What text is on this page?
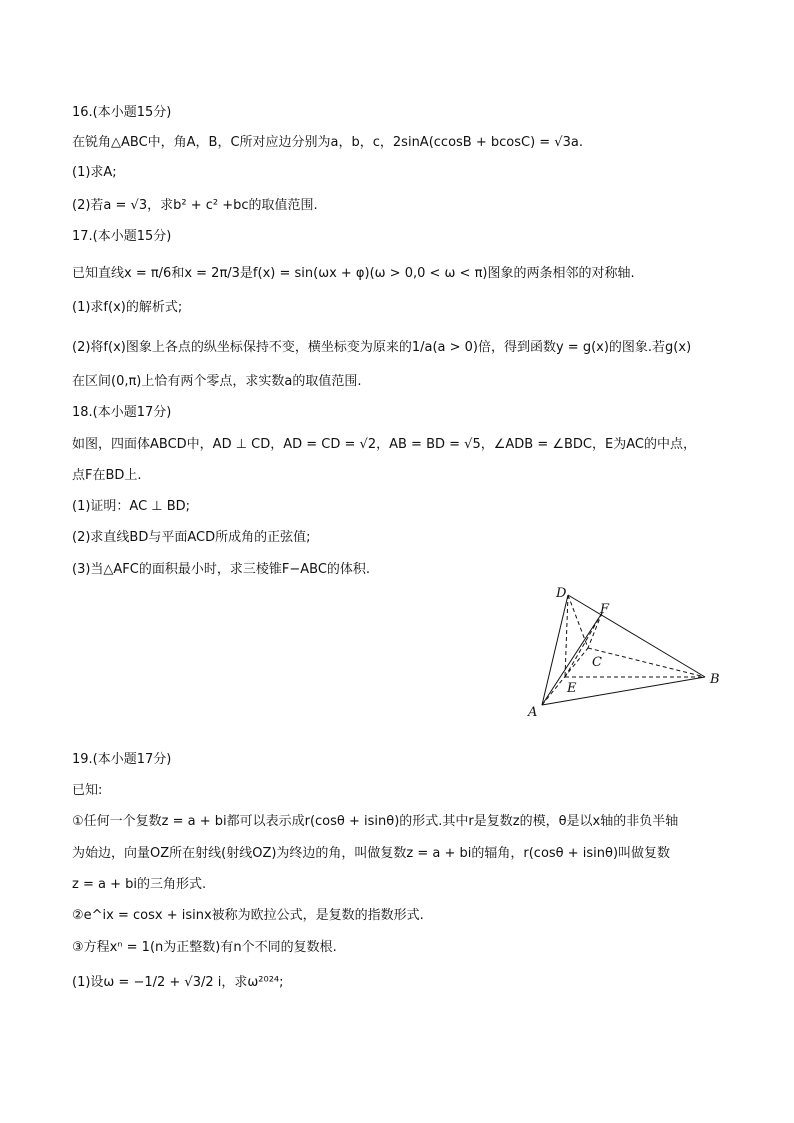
16.(本小题15分)
在锐角△ABC中，角A，B，C所对应边分别为a，b，c，2sinA(ccosB + bcosC) = √3a.
(1)求A;
(2)若a = √3，求b² + c² +bc的取值范围.
17.(本小题15分)
已知直线x = π/6和x = 2π/3是f(x) = sin(ωx + φ)(ω > 0,0 < ω < π)图象的两条相邻的对称轴.
(1)求f(x)的解析式;
(2)将f(x)图象上各点的纵坐标保持不变，横坐标变为原来的1/a(a > 0)倍，得到函数y = g(x)的图象.若g(x)
在区间(0,π)上恰有两个零点，求实数a的取值范围.
18.(本小题17分)
如图，四面体ABCD中，AD ⊥ CD，AD = CD = √2，AB = BD = √5，∠ADB = ∠BDC，E为AC的中点，
点F在BD上.
(1)证明：AC ⊥ BD;
(2)求直线BD与平面ACD所成角的正弦值;
(3)当△AFC的面积最小时，求三棱锥F−ABC的体积.
D
F
C
E
B
A
19.(本小题17分)
已知:
①任何一个复数z = a + bi都可以表示成r(cosθ + isinθ)的形式.其中r是复数z的模，θ是以x轴的非负半轴
为始边，向量OZ所在射线(射线OZ)为终边的角，叫做复数z = a + bi的辐角，r(cosθ + isinθ)叫做复数
z = a + bi的三角形式.
②e^ix = cosx + isinx被称为欧拉公式，是复数的指数形式.
③方程xⁿ = 1(n为正整数)有n个不同的复数根.
(1)设ω = −1/2 + √3/2 i，求ω²⁰²⁴;
